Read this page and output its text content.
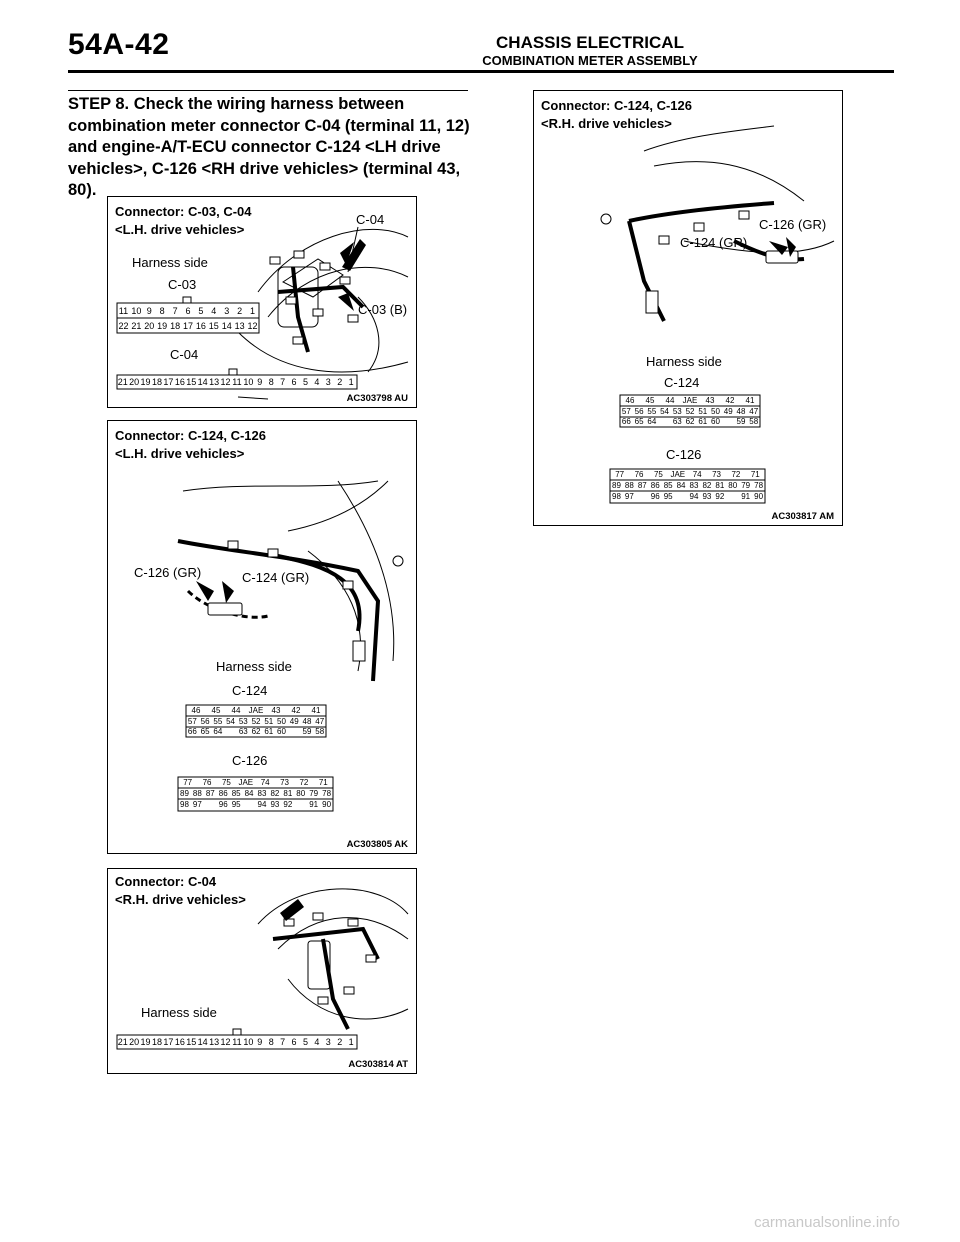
54A-42	CHASSIS ELECTRICAL
COMBINATION METER ASSEMBLY
STEP 8. Check the wiring harness between combination meter connector C-04 (terminal 11, 12) and engine-A/T-ECU connector C-124 <LH drive vehicles>, C-126 <RH drive vehicles> (terminal 43, 80).
Connector: C-03, C-04
<L.H. drive vehicles>
Harness side
C-03
C-04
C-04
C-03 (B)
AC303798 AU
11 10 9 8 7 6 5 4 3 2 1
22 21 20 19 18 17 16 15 14 13 12
21 20 19 18 17 16 15 14 13 12 11 10 9 8 7 6 5 4 3 2 1
Connector: C-124, C-126
<L.H. drive vehicles>
C-126 (GR)	C-124 (GR)
Harness side
C-124
C-126
AC303805 AK
46	45	44	JAE	43	42	41
57 56 55 54 53 52 51 50 49 48 47
66 65 64 63 62 61 60 59 58
77	76	75 JAE 74	73	72	71
89 88 87 86 85 84 83 82 81 80 79 78
98 97 96 95 94 93 92 91 90
Connector: C-04
<R.H. drive vehicles>
Harness side
AC303814 AT
21 20 19 18 17 16 15 14 13 12 11 10 9 8 7 6 5 4 3 2 1
Connector: C-124, C-126
<R.H. drive vehicles>
C-126 (GR)
C-124 (GR)
Harness side
C-124
C-126
AC303817 AM
46	45	44	JAE	43	42	41
57 56 55 54 53 52 51 50 49 48 47
66 65 64 63 62 61 60 59 58
77	76	75 JAE 74	73	72	71
89 88 87 86 85 84 83 82 81 80 79 78
98 97 96 95 94 93 92 91 90
carmanualsonline.info
